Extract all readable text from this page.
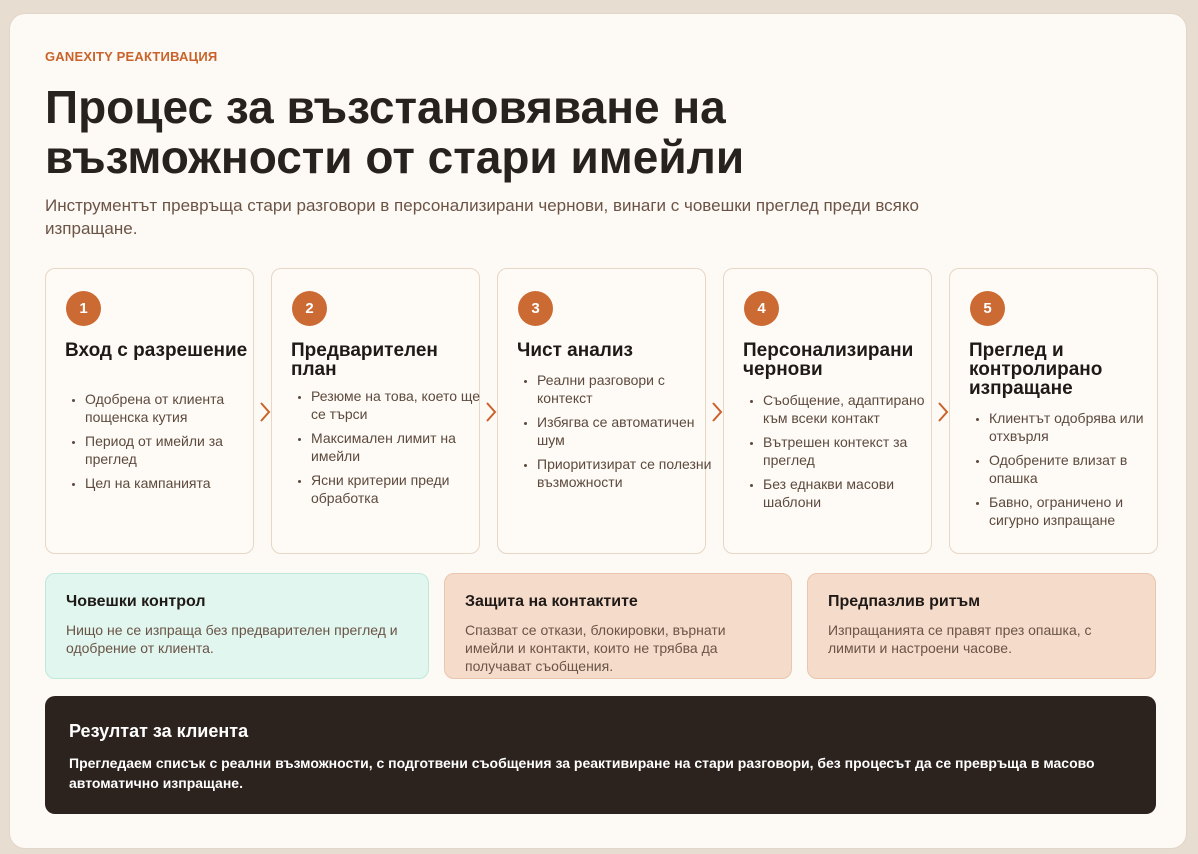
GANEXITY РЕАКТИВАЦИЯ
Процес за възстановяване на възможности от стари имейли

Инструментът превръща стари разговори в персонализирани чернови, винаги с човешки преглед преди всяко изпращане.

1
Вход с разрешение
• Одобрена от клиента пощенска кутия
• Период от имейли за преглед
• Цел на кампанията
2
Предварителен план
• Резюме на това, което ще се търси
• Максимален лимит на имейли
• Ясни критерии преди обработка
3
Чист анализ
• Реални разговори с контекст
• Избягва се автоматичен шум
• Приоритизират се полезни възможности
4
Персонализирани чернови
• Съобщение, адаптирано към всеки контакт
• Вътрешен контекст за преглед
• Без еднакви масови шаблони
5
Преглед и контролирано изпращане
• Клиентът одобрява или отхвърля
• Одобрените влизат в опашка
• Бавно, ограничено и сигурно изпращане
Човешки контрол

Нищо не се изпраща без предварителен преглед и одобрение от клиента.

Защита на контактите

Спазват се откази, блокировки, върнати имейли и контакти, които не трябва да получават съобщения.

Предпазлив ритъм

Изпращанията се правят през опашка, с лимити и настроени часове.

Резултат за клиента

Прегледаем списък с реални възможности, с подготвени съобщения за реактивиране на стари разговори, без процесът да се превръща в масово автоматично изпращане.
